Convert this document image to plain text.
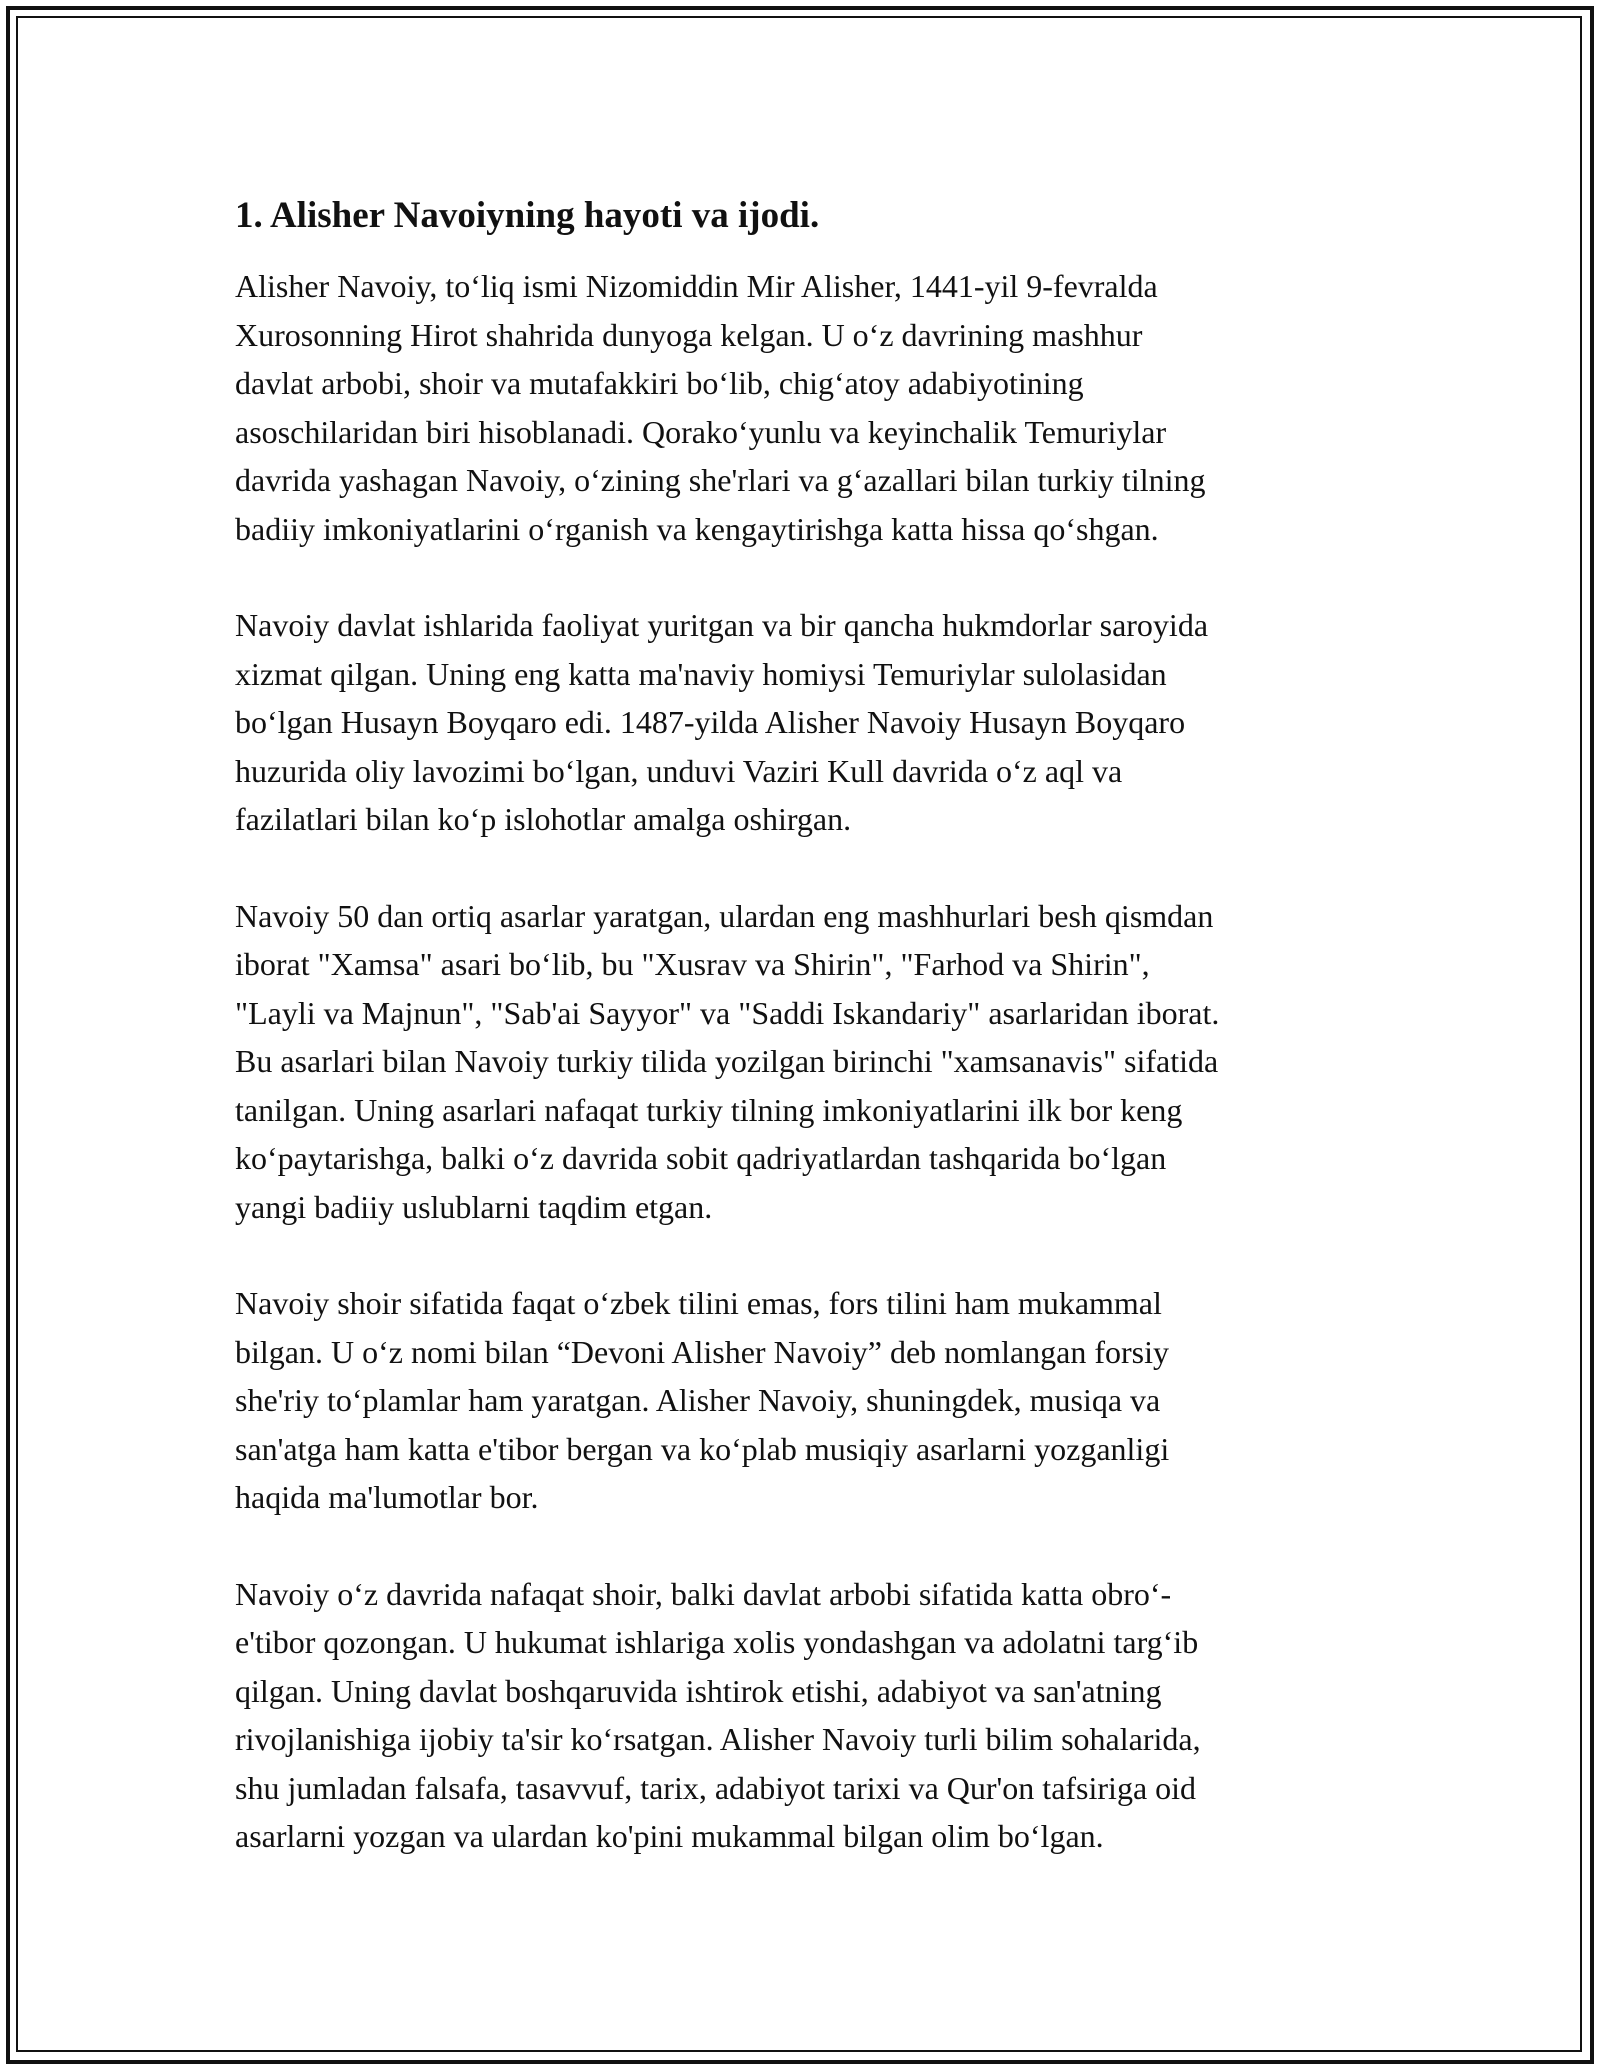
1. Alisher Navoiyning hayoti va ijodi.

Alisher Navoiy, to‘liq ismi Nizomiddin Mir Alisher, 1441-yil 9-fevralda
Xurosonning Hirot shahrida dunyoga kelgan. U o‘z davrining mashhur
davlat arbobi, shoir va mutafakkiri bo‘lib, chig‘atoy adabiyotining
asoschilaridan biri hisoblanadi. Qorako‘yunlu va keyinchalik Temuriylar
davrida yashagan Navoiy, o‘zining she'rlari va g‘azallari bilan turkiy tilning
badiiy imkoniyatlarini o‘rganish va kengaytirishga katta hissa qo‘shgan.

Navoiy davlat ishlarida faoliyat yuritgan va bir qancha hukmdorlar saroyida
xizmat qilgan. Uning eng katta ma'naviy homiysi Temuriylar sulolasidan
bo‘lgan Husayn Boyqaro edi. 1487-yilda Alisher Navoiy Husayn Boyqaro
huzurida oliy lavozimi bo‘lgan, unduvi Vaziri Kull davrida o‘z aql va
fazilatlari bilan ko‘p islohotlar amalga oshirgan.

Navoiy 50 dan ortiq asarlar yaratgan, ulardan eng mashhurlari besh qismdan
iborat "Xamsa" asari bo‘lib, bu "Xusrav va Shirin", "Farhod va Shirin",
"Layli va Majnun", "Sab'ai Sayyor" va "Saddi Iskandariy" asarlaridan iborat.
Bu asarlari bilan Navoiy turkiy tilida yozilgan birinchi "xamsanavis" sifatida
tanilgan. Uning asarlari nafaqat turkiy tilning imkoniyatlarini ilk bor keng
ko‘paytarishga, balki o‘z davrida sobit qadriyatlardan tashqarida bo‘lgan
yangi badiiy uslublarni taqdim etgan.

Navoiy shoir sifatida faqat o‘zbek tilini emas, fors tilini ham mukammal
bilgan. U o‘z nomi bilan “Devoni Alisher Navoiy” deb nomlangan forsiy
she'riy to‘plamlar ham yaratgan. Alisher Navoiy, shuningdek, musiqa va
san'atga ham katta e'tibor bergan va ko‘plab musiqiy asarlarni yozganligi
haqida ma'lumotlar bor.

Navoiy o‘z davrida nafaqat shoir, balki davlat arbobi sifatida katta obro‘-
e'tibor qozongan. U hukumat ishlariga xolis yondashgan va adolatni targ‘ib
qilgan. Uning davlat boshqaruvida ishtirok etishi, adabiyot va san'atning
rivojlanishiga ijobiy ta'sir ko‘rsatgan. Alisher Navoiy turli bilim sohalarida,
shu jumladan falsafa, tasavvuf, tarix, adabiyot tarixi va Qur'on tafsiriga oid
asarlarni yozgan va ulardan ko'pini mukammal bilgan olim bo‘lgan.
